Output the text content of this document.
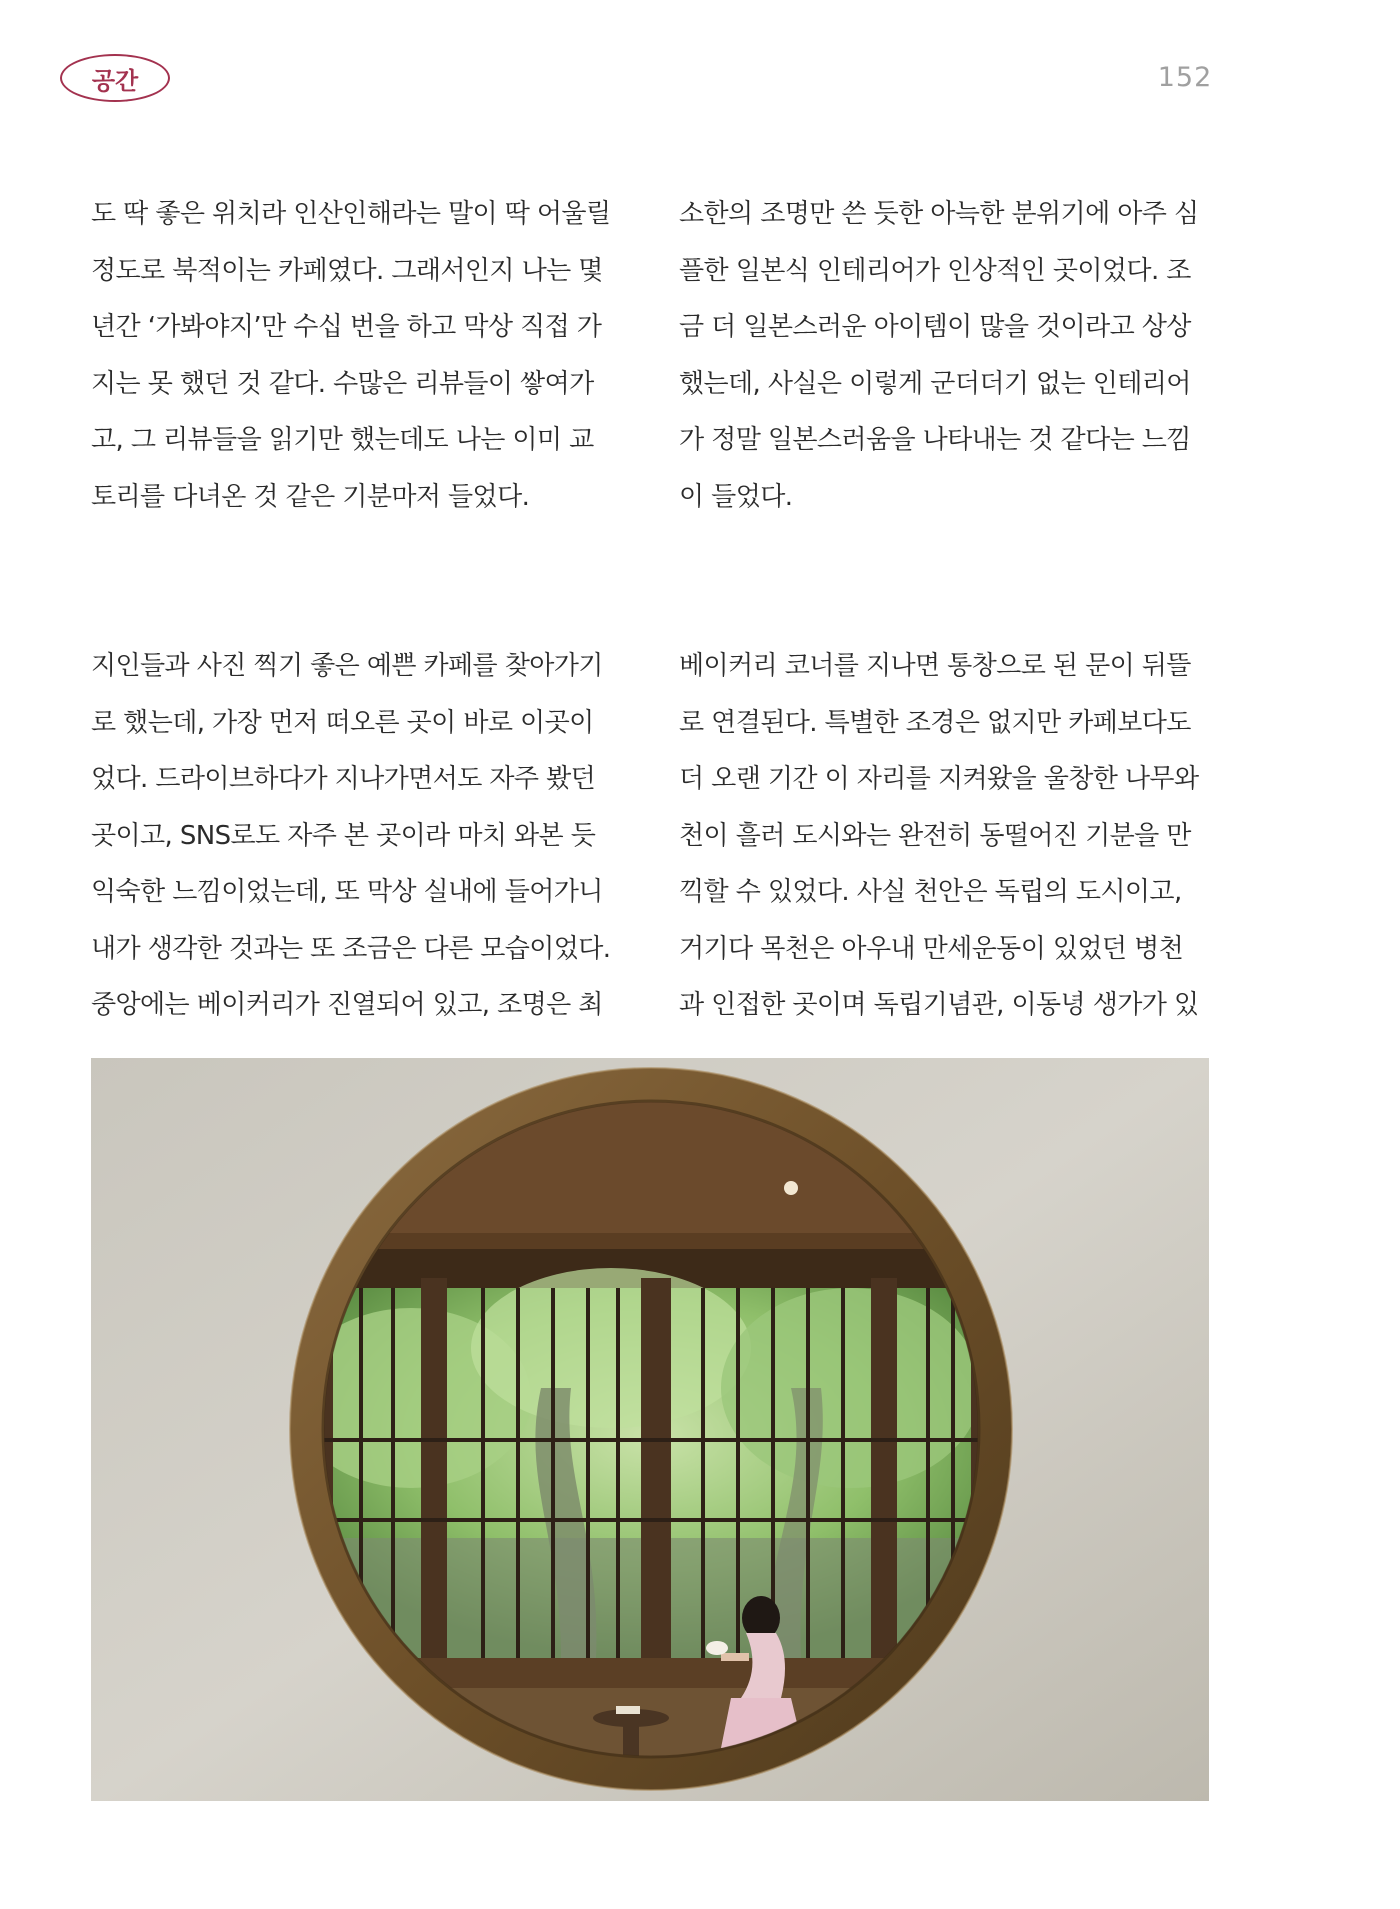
공간	152

도 딱 좋은 위치라 인산인해라는 말이 딱 어울릴
정도로 북적이는 카페였다. 그래서인지 나는 몇
년간 ‘가봐야지’만 수십 번을 하고 막상 직접 가
지는 못 했던 것 같다. 수많은 리뷰들이 쌓여가
고, 그 리뷰들을 읽기만 했는데도 나는 이미 교
토리를 다녀온 것 같은 기분마저 들었다.

지인들과 사진 찍기 좋은 예쁜 카페를 찾아가기
로 했는데, 가장 먼저 떠오른 곳이 바로 이곳이
었다. 드라이브하다가 지나가면서도 자주 봤던
곳이고, SNS로도 자주 본 곳이라 마치 와본 듯
익숙한 느낌이었는데, 또 막상 실내에 들어가니
내가 생각한 것과는 또 조금은 다른 모습이었다.
중앙에는 베이커리가 진열되어 있고, 조명은 최

소한의 조명만 쓴 듯한 아늑한 분위기에 아주 심
플한 일본식 인테리어가 인상적인 곳이었다. 조
금 더 일본스러운 아이템이 많을 것이라고 상상
했는데, 사실은 이렇게 군더더기 없는 인테리어
가 정말 일본스러움을 나타내는 것 같다는 느낌
이 들었다.

베이커리 코너를 지나면 통창으로 된 문이 뒤뜰
로 연결된다. 특별한 조경은 없지만 카페보다도
더 오랜 기간 이 자리를 지켜왔을 울창한 나무와
천이 흘러 도시와는 완전히 동떨어진 기분을 만
끽할 수 있었다. 사실 천안은 독립의 도시이고,
거기다 목천은 아우내 만세운동이 있었던 병천
과 인접한 곳이며 독립기념관, 이동녕 생가가 있
